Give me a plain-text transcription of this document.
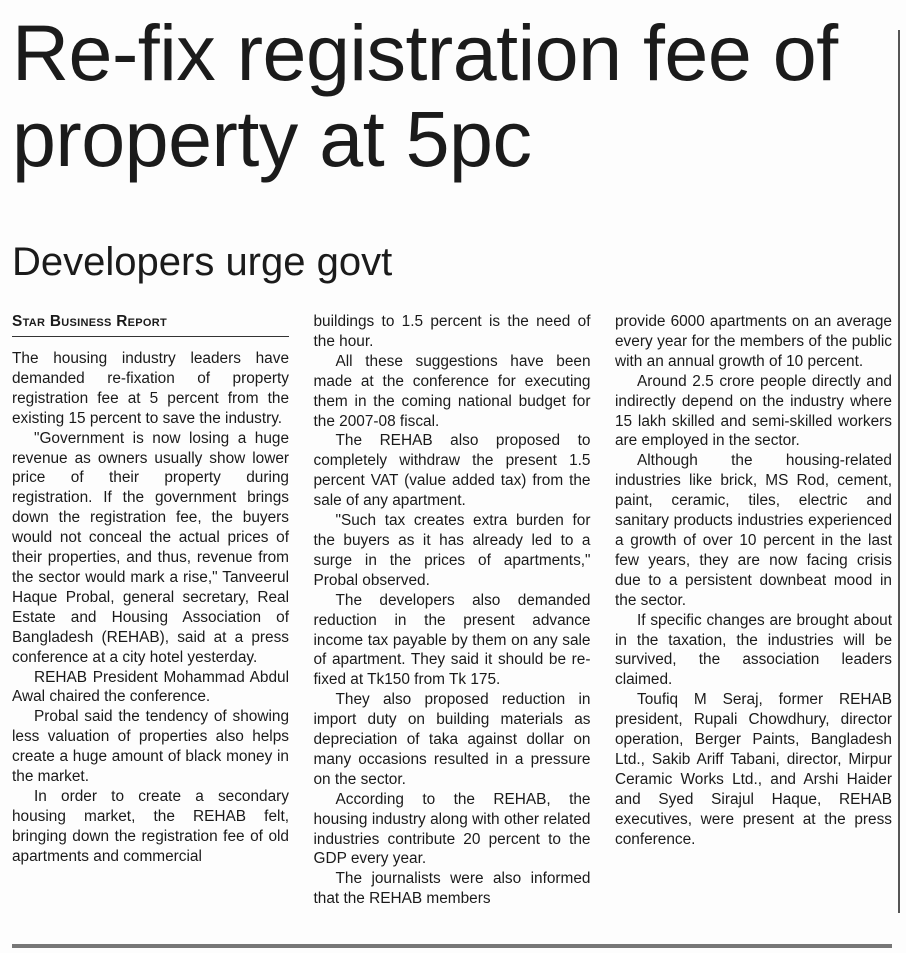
Re-fix registration fee of property at 5pc
Developers urge govt
Star Business Report

The housing industry leaders have demanded re-fixation of property registration fee at 5 percent from the existing 15 percent to save the industry.

"Government is now losing a huge revenue as owners usually show lower price of their property during registration. If the government brings down the registration fee, the buyers would not conceal the actual prices of their properties, and thus, revenue from the sector would mark a rise," Tanveerul Haque Probal, general secretary, Real Estate and Housing Association of Bangladesh (REHAB), said at a press conference at a city hotel yesterday.

REHAB President Mohammad Abdul Awal chaired the conference.

Probal said the tendency of showing less valuation of properties also helps create a huge amount of black money in the market.

In order to create a secondary housing market, the REHAB felt, bringing down the registration fee of old apartments and commercial

buildings to 1.5 percent is the need of the hour.

All these suggestions have been made at the conference for executing them in the coming national budget for the 2007-08 fiscal.

The REHAB also proposed to completely withdraw the present 1.5 percent VAT (value added tax) from the sale of any apartment.

"Such tax creates extra burden for the buyers as it has already led to a surge in the prices of apartments," Probal observed.

The developers also demanded reduction in the present advance income tax payable by them on any sale of apartment. They said it should be re-fixed at Tk150 from Tk 175.

They also proposed reduction in import duty on building materials as depreciation of taka against dollar on many occasions resulted in a pressure on the sector.

According to the REHAB, the housing industry along with other related industries contribute 20 percent to the GDP every year.

The journalists were also informed that the REHAB members

provide 6000 apartments on an average every year for the members of the public with an annual growth of 10 percent.

Around 2.5 crore people directly and indirectly depend on the industry where 15 lakh skilled and semi-skilled workers are employed in the sector.

Although the housing-related industries like brick, MS Rod, cement, paint, ceramic, tiles, electric and sanitary products industries experienced a growth of over 10 percent in the last few years, they are now facing crisis due to a persistent downbeat mood in the sector.

If specific changes are brought about in the taxation, the industries will be survived, the association leaders claimed.

Toufiq M Seraj, former REHAB president, Rupali Chowdhury, director operation, Berger Paints, Bangladesh Ltd., Sakib Ariff Tabani, director, Mirpur Ceramic Works Ltd., and Arshi Haider and Syed Sirajul Haque, REHAB executives, were present at the press conference.
